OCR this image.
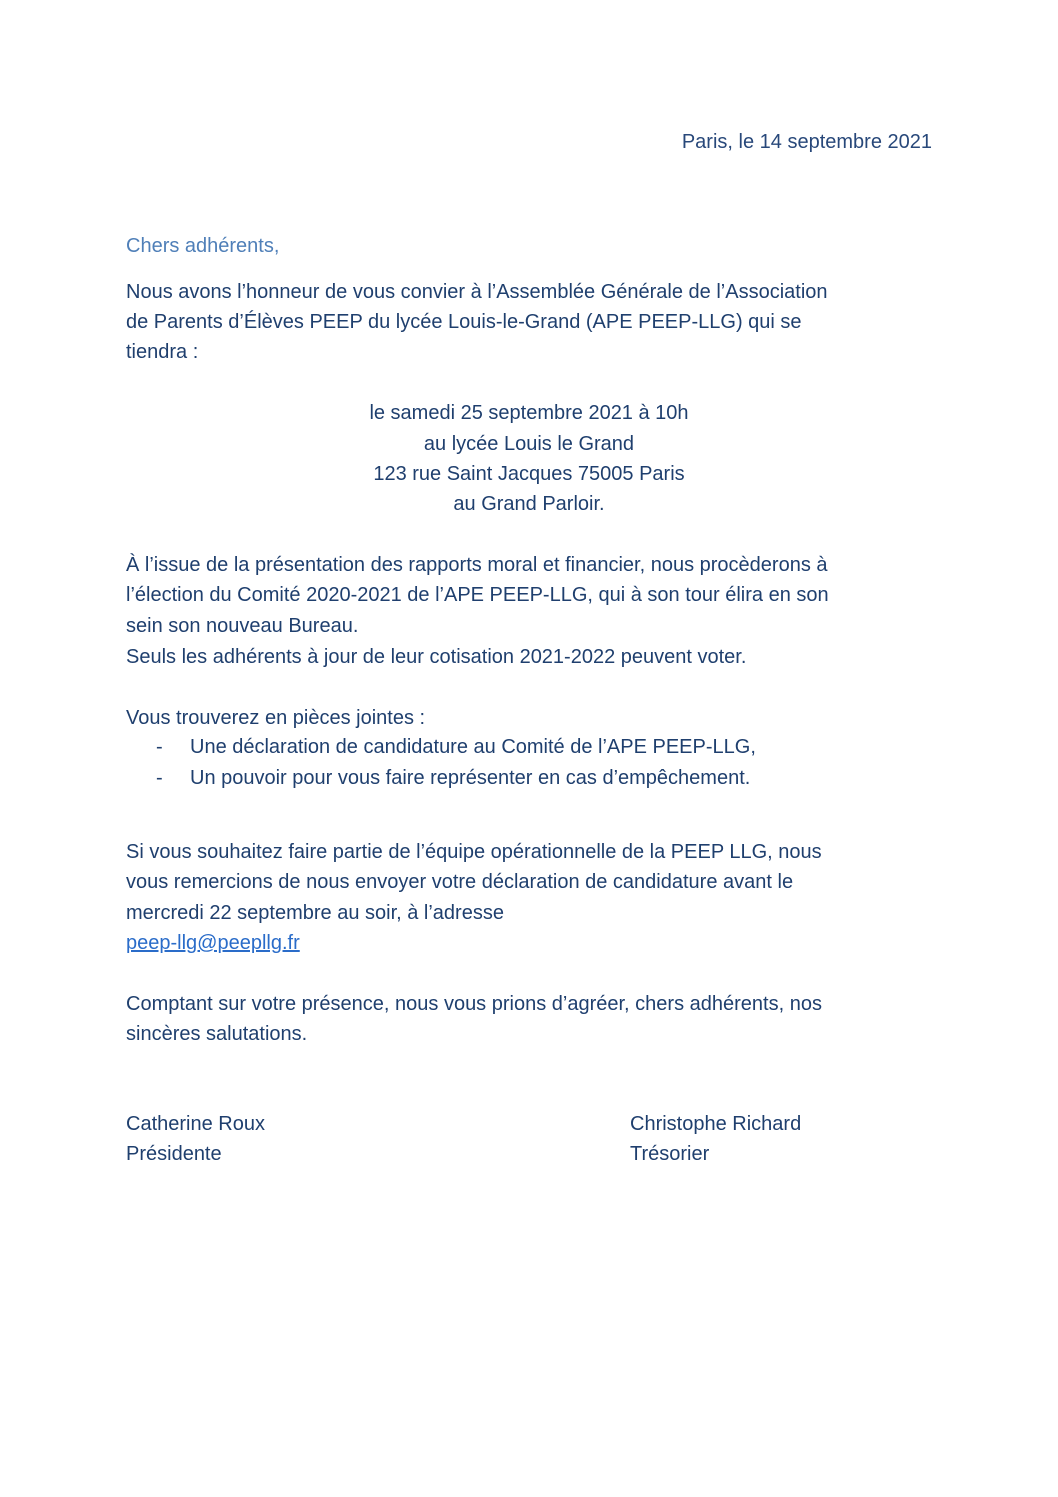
Paris, le 14 septembre 2021
Chers adhérents,
Nous avons l’honneur de vous convier à l’Assemblée Générale de l’Association
de Parents d’Élèves PEEP du lycée Louis-le-Grand (APE PEEP-LLG) qui se
tiendra :
le samedi 25 septembre 2021 à 10h
au lycée Louis le Grand
123 rue Saint Jacques 75005 Paris
au Grand Parloir.
À l’issue de la présentation des rapports moral et financier, nous procèderons à
l’élection du Comité 2020-2021 de l’APE PEEP-LLG, qui à son tour élira en son
sein son nouveau Bureau.
Seuls les adhérents à jour de leur cotisation 2021-2022 peuvent voter.
Vous trouverez en pièces jointes :
- Une déclaration de candidature au Comité de l’APE PEEP-LLG,
- Un pouvoir pour vous faire représenter en cas d’empêchement.
Si vous souhaitez faire partie de l’équipe opérationnelle de la PEEP LLG, nous
vous remercions de nous envoyer votre déclaration de candidature avant le
mercredi 22 septembre au soir, à l’adresse
peep-llg@peepllg.fr
Comptant sur votre présence, nous vous prions d’agréer, chers adhérents, nos
sincères salutations.
Catherine Roux
Présidente
Christophe Richard
Trésorier
